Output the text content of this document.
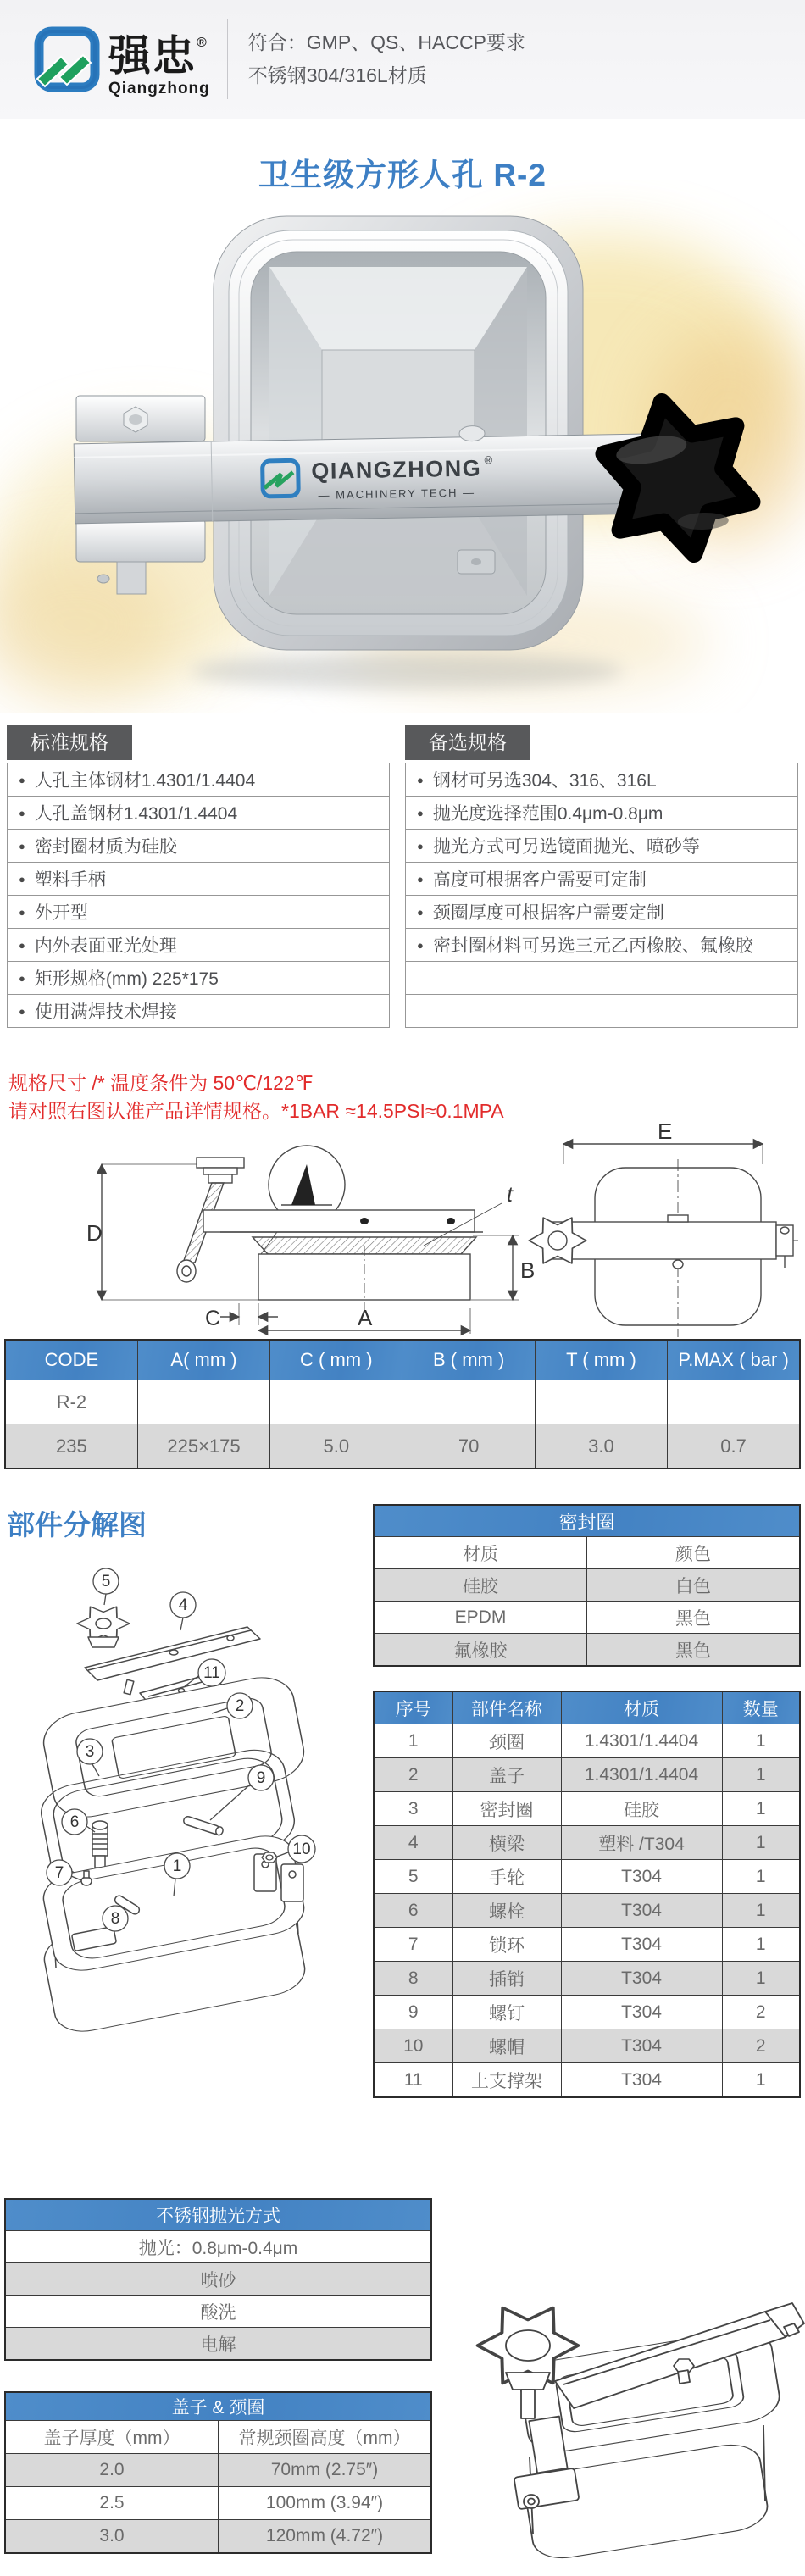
强忠®
Qiangzhong
符合：GMP、QS、HACCP要求
不锈钢304/316L材质
卫生级方形人孔 R-2
QIANGZHONG ®
— MACHINERY TECH —
标准规格
● 人孔主体钢材1.4301/1.4404
● 人孔盖钢材1.4301/1.4404
● 密封圈材质为硅胶
● 塑料手柄
● 外开型
● 内外表面亚光处理
● 矩形规格(mm) 225*175
● 使用满焊技术焊接
备选规格
● 钢材可另选304、316、316L
● 抛光度选择范围0.4μm-0.8μm
● 抛光方式可另选镜面抛光、喷砂等
● 高度可根据客户需要可定制
● 颈圈厚度可根据客户需要定制
● 密封圈材料可另选三元乙丙橡胶、氟橡胶
规格尺寸 /* 温度条件为 50℃/122℉
请对照右图认准产品详情规格。*1BAR ≈14.5PSI≈0.1MPA
D
t
B
C	A
E
CODE	A( mm )	C ( mm )	B ( mm )	T ( mm )	P.MAX ( bar )
R-2					
235	225×175	5.0	70	3.0	0.7
部件分解图
5
4
11
2
3
9
6
10
7	1
8
密封圈	
材质	颜色
硅胶	白色
EPDM	黑色
氟橡胶	黑色
序号	部件名称	材质	数量
1	颈圈	1.4301/1.4404	1
2	盖子	1.4301/1.4404	1
3	密封圈	硅胶	1
4	横梁	塑料 /T304	1
5	手轮	T304	1
6	螺栓	T304	1
7	锁环	T304	1
8	插销	T304	1
9	螺钉	T304	2
10	螺帽	T304	2
11	上支撑架	T304	1
不锈钢抛光方式
抛光：0.8μm-0.4μm
喷砂
酸洗
电解
盖子 & 颈圈	
盖子厚度（mm）	常规颈圈高度（mm）
2.0	70mm (2.75″)
2.5	100mm (3.94″)
3.0	120mm (4.72″)
